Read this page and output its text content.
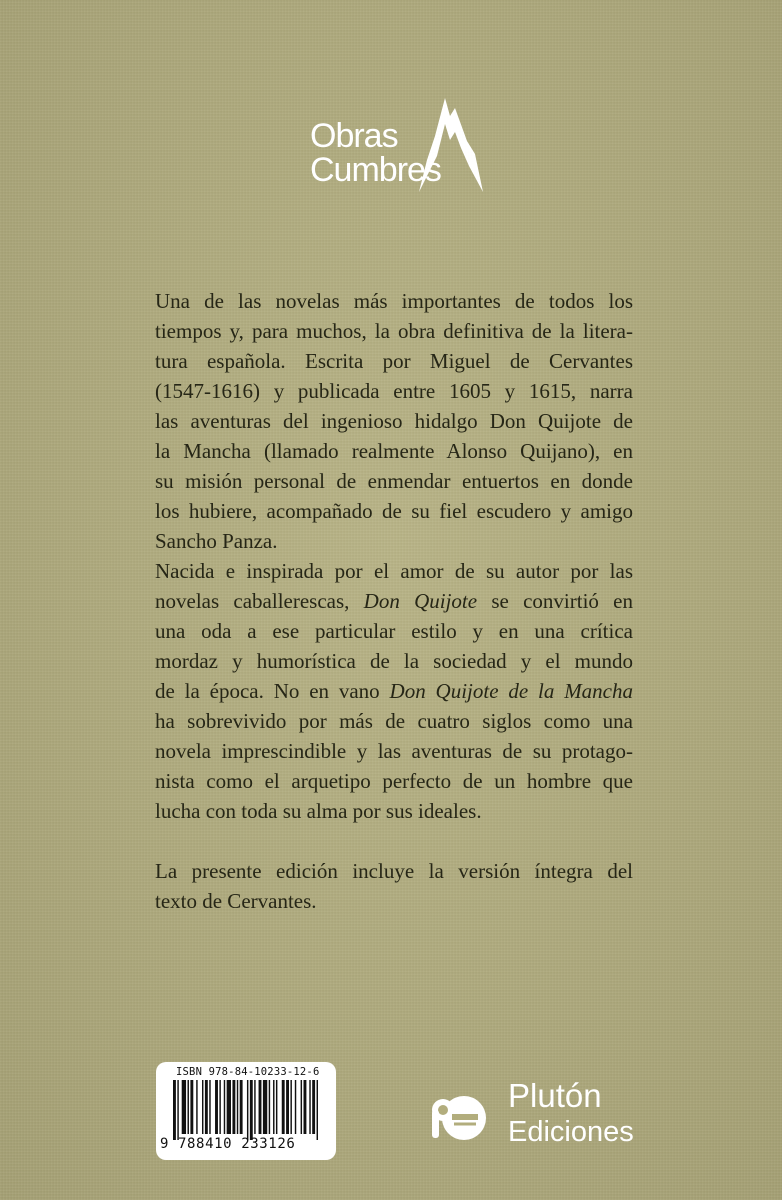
Obras
Cumbres
Una de las novelas más importantes de todos los
tiempos y, para muchos, la obra definitiva de la litera-
tura española. Escrita por Miguel de Cervantes
(1547-1616) y publicada entre 1605 y 1615, narra
las aventuras del ingenioso hidalgo Don Quijote de
la Mancha (llamado realmente Alonso Quijano), en
su misión personal de enmendar entuertos en donde
los hubiere, acompañado de su fiel escudero y amigo
Sancho Panza.
Nacida e inspirada por el amor de su autor por las
novelas caballerescas, Don Quijote se convirtió en
una oda a ese particular estilo y en una crítica
mordaz y humorística de la sociedad y el mundo
de la época. No en vano Don Quijote de la Mancha
ha sobrevivido por más de cuatro siglos como una
novela imprescindible y las aventuras de su protago-
nista como el arquetipo perfecto de un hombre que
lucha con toda su alma por sus ideales.
La presente edición incluye la versión íntegra del
texto de Cervantes.
ISBN 978-84-10233-12-6
9 788410 233126
Plutón
Ediciones
